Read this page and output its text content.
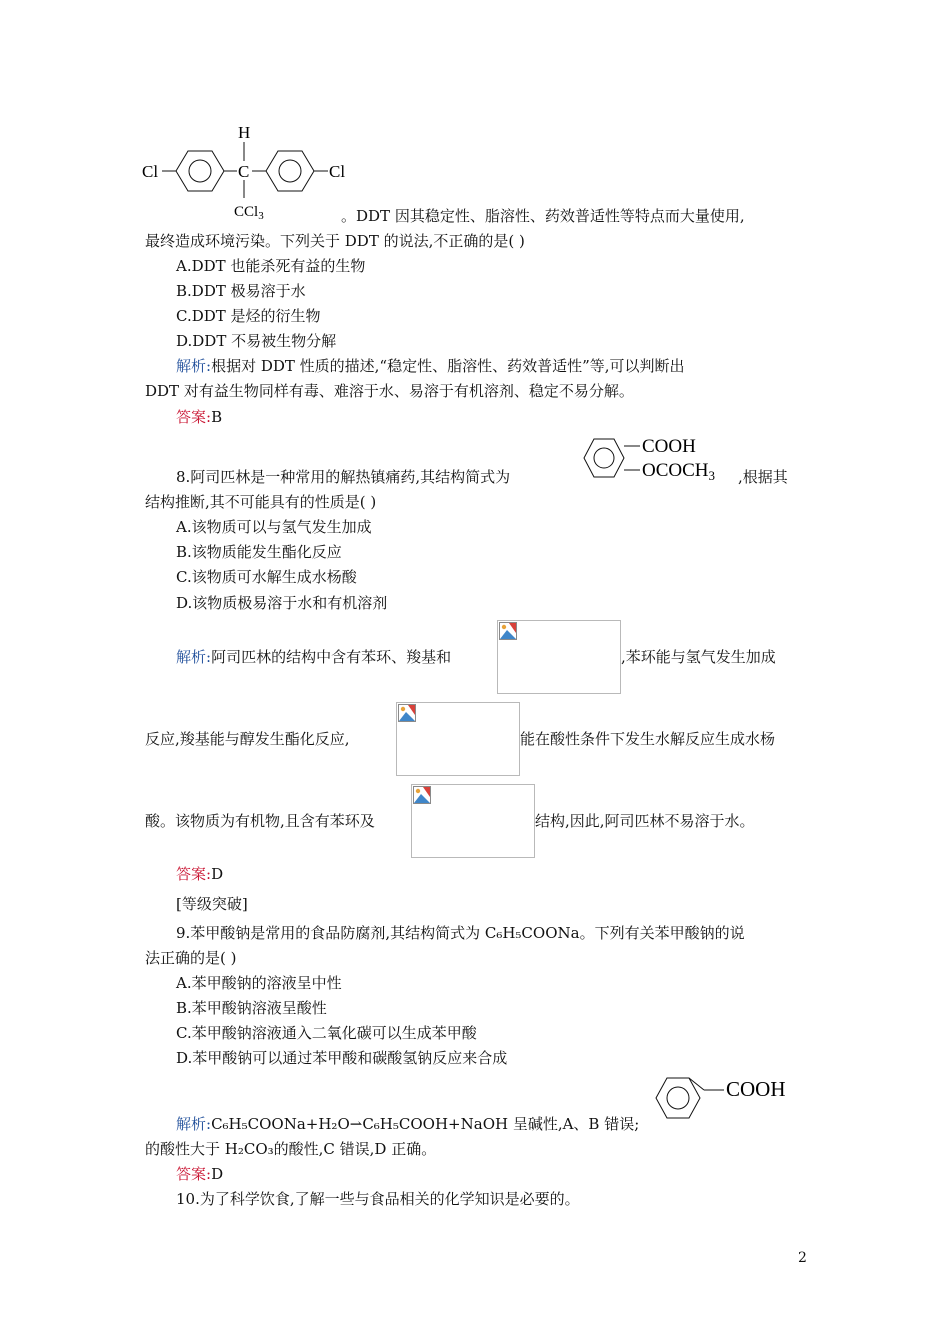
H
C
Cl	Cl
CCl$_3$	。DDT 因其稳定性、脂溶性、药效普适性等特点而大量使用,
最终造成环境污染。下列关于 DDT 的说法,不正确的是( )
A.DDT 也能杀死有益的生物
B.DDT 极易溶于水
C.DDT 是烃的衍生物
D.DDT 不易被生物分解
解析:根据对 DDT 性质的描述,“稳定性、脂溶性、药效普适性”等,可以判断出
DDT 对有益生物同样有毒、难溶于水、易溶于有机溶剂、稳定不易分解。
答案:B
8.阿司匹林是一种常用的解热镇痛药,其结构简式为
COOH
$OCOCH_3$ ,根据其
结构推断,其不可能具有的性质是( )
A.该物质可以与氢气发生加成
B.该物质能发生酯化反应
C.该物质可水解生成水杨酸
D.该物质极易溶于水和有机溶剂
解析:阿司匹林的结构中含有苯环、羧基和	,苯环能与氢气发生加成
反应,羧基能与醇发生酯化反应,	能在酸性条件下发生水解反应生成水杨
酸。该物质为有机物,且含有苯环及	结构,因此,阿司匹林不易溶于水。
答案:D
[等级突破]
9.苯甲酸钠是常用的食品防腐剂,其结构简式为 C₆H₅COONa。下列有关苯甲酸钠的说
法正确的是( )
A.苯甲酸钠的溶液呈中性
B.苯甲酸钠溶液呈酸性
C.苯甲酸钠溶液通入二氧化碳可以生成苯甲酸
D.苯甲酸钠可以通过苯甲酸和碳酸氢钠反应来合成
COOH
解析:C₆H₅COONa+H₂O⇀C₆H₅COOH+NaOH 呈碱性,A、B 错误;
的酸性大于 H₂CO₃的酸性,C 错误,D 正确。
答案:D
10.为了科学饮食,了解一些与食品相关的化学知识是必要的。
2
